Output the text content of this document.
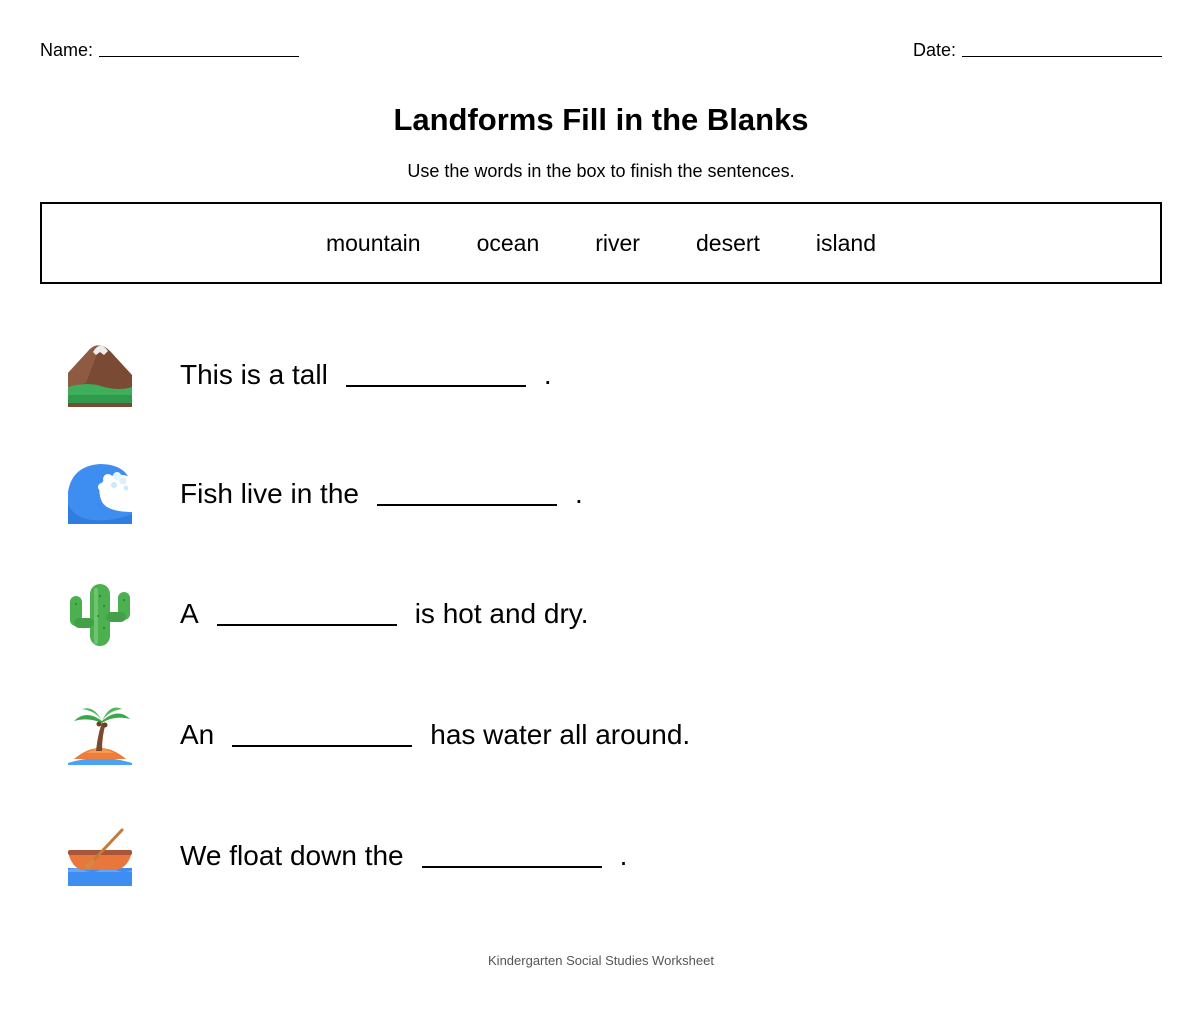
Name:	Date:
Landforms Fill in the Blanks
Use the words in the box to finish the sentences.
mountain ocean river desert island
This is a tall	.
Fish live in the	.
A	is hot and dry.
An	has water all around.
We float down the	.
Kindergarten Social Studies Worksheet
